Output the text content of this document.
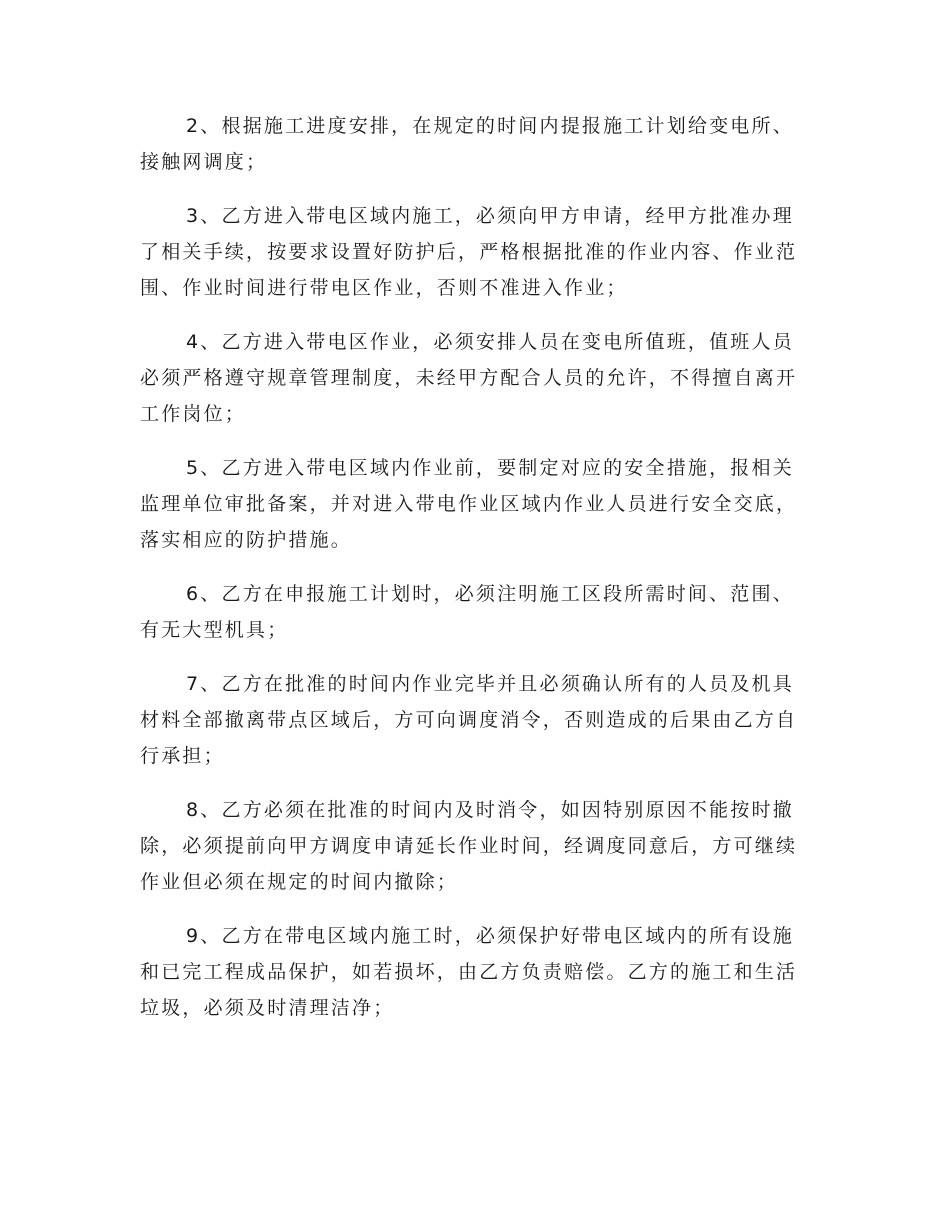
2、根据施工进度安排，在规定的时间内提报施工计划给变电所、接触网调度；

3、乙方进入带电区域内施工，必须向甲方申请，经甲方批准办理了相关手续，按要求设置好防护后，严格根据批准的作业内容、作业范围、作业时间进行带电区作业，否则不准进入作业；

4、乙方进入带电区作业，必须安排人员在变电所值班，值班人员必须严格遵守规章管理制度，未经甲方配合人员的允许，不得擅自离开工作岗位；

5、乙方进入带电区域内作业前，要制定对应的安全措施，报相关监理单位审批备案，并对进入带电作业区域内作业人员进行安全交底，落实相应的防护措施。

6、乙方在申报施工计划时，必须注明施工区段所需时间、范围、有无大型机具；

7、乙方在批准的时间内作业完毕并且必须确认所有的人员及机具材料全部撤离带点区域后，方可向调度消令，否则造成的后果由乙方自行承担；

8、乙方必须在批准的时间内及时消令，如因特别原因不能按时撤除，必须提前向甲方调度申请延长作业时间，经调度同意后，方可继续作业但必须在规定的时间内撤除；

9、乙方在带电区域内施工时，必须保护好带电区域内的所有设施和已完工程成品保护，如若损坏，由乙方负责赔偿。乙方的施工和生活垃圾，必须及时清理洁净；
